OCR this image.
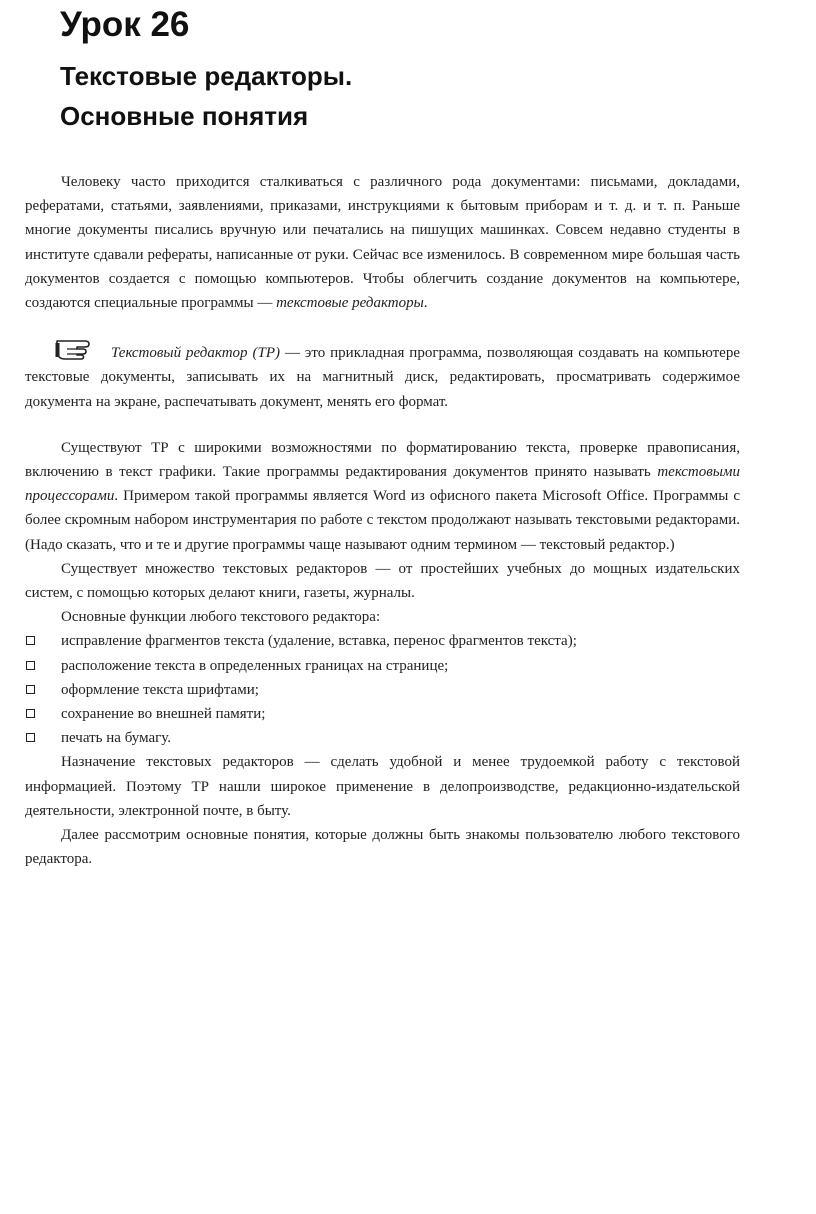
Урок 26
Текстовые редакторы.
Основные понятия

Человеку часто приходится сталкиваться с различного рода документами: письмами, докладами, рефератами, статьями, заявлениями, приказами, инструкциями к бытовым приборам и т. д. и т. п. Раньше многие документы писались вручную или печатались на пишущих машинках. Совсем недавно студенты в институте сдавали рефераты, написанные от руки. Сейчас все изменилось. В современном мире большая часть документов создается с помощью компьютеров. Чтобы облегчить создание документов на компьютере, создаются специальные программы — текстовые редакторы.

Текстовый редактор (ТР) — это прикладная программа, позволяющая создавать на компьютере текстовые документы, записывать их на магнитный диск, редактировать, просматривать содержимое документа на экране, распечатывать документ, менять его формат.

Существуют ТР с широкими возможностями по форматированию текста, проверке правописания, включению в текст графики. Такие программы редактирования документов принято называть текстовыми процессорами. Примером такой программы является Word из офисного пакета Microsoft Office. Программы с более скромным набором инструментария по работе с текстом продолжают называть текстовыми редакторами. (Надо сказать, что и те и другие программы чаще называют одним термином — текстовый редактор.)

Существует множество текстовых редакторов — от простейших учебных до мощных издательских систем, с помощью которых делают книги, газеты, журналы.

Основные функции любого текстового редактора:

исправление фрагментов текста (удаление, вставка, перенос фрагментов текста);
расположение текста в определенных границах на странице;
оформление текста шрифтами;
сохранение во внешней памяти;
печать на бумагу.

Назначение текстовых редакторов — сделать удобной и менее трудоемкой работу с текстовой информацией. Поэтому ТР нашли широкое применение в делопроизводстве, редакционно-издательской деятельности, электронной почте, в быту.

Далее рассмотрим основные понятия, которые должны быть знакомы пользователю любого текстового редактора.
